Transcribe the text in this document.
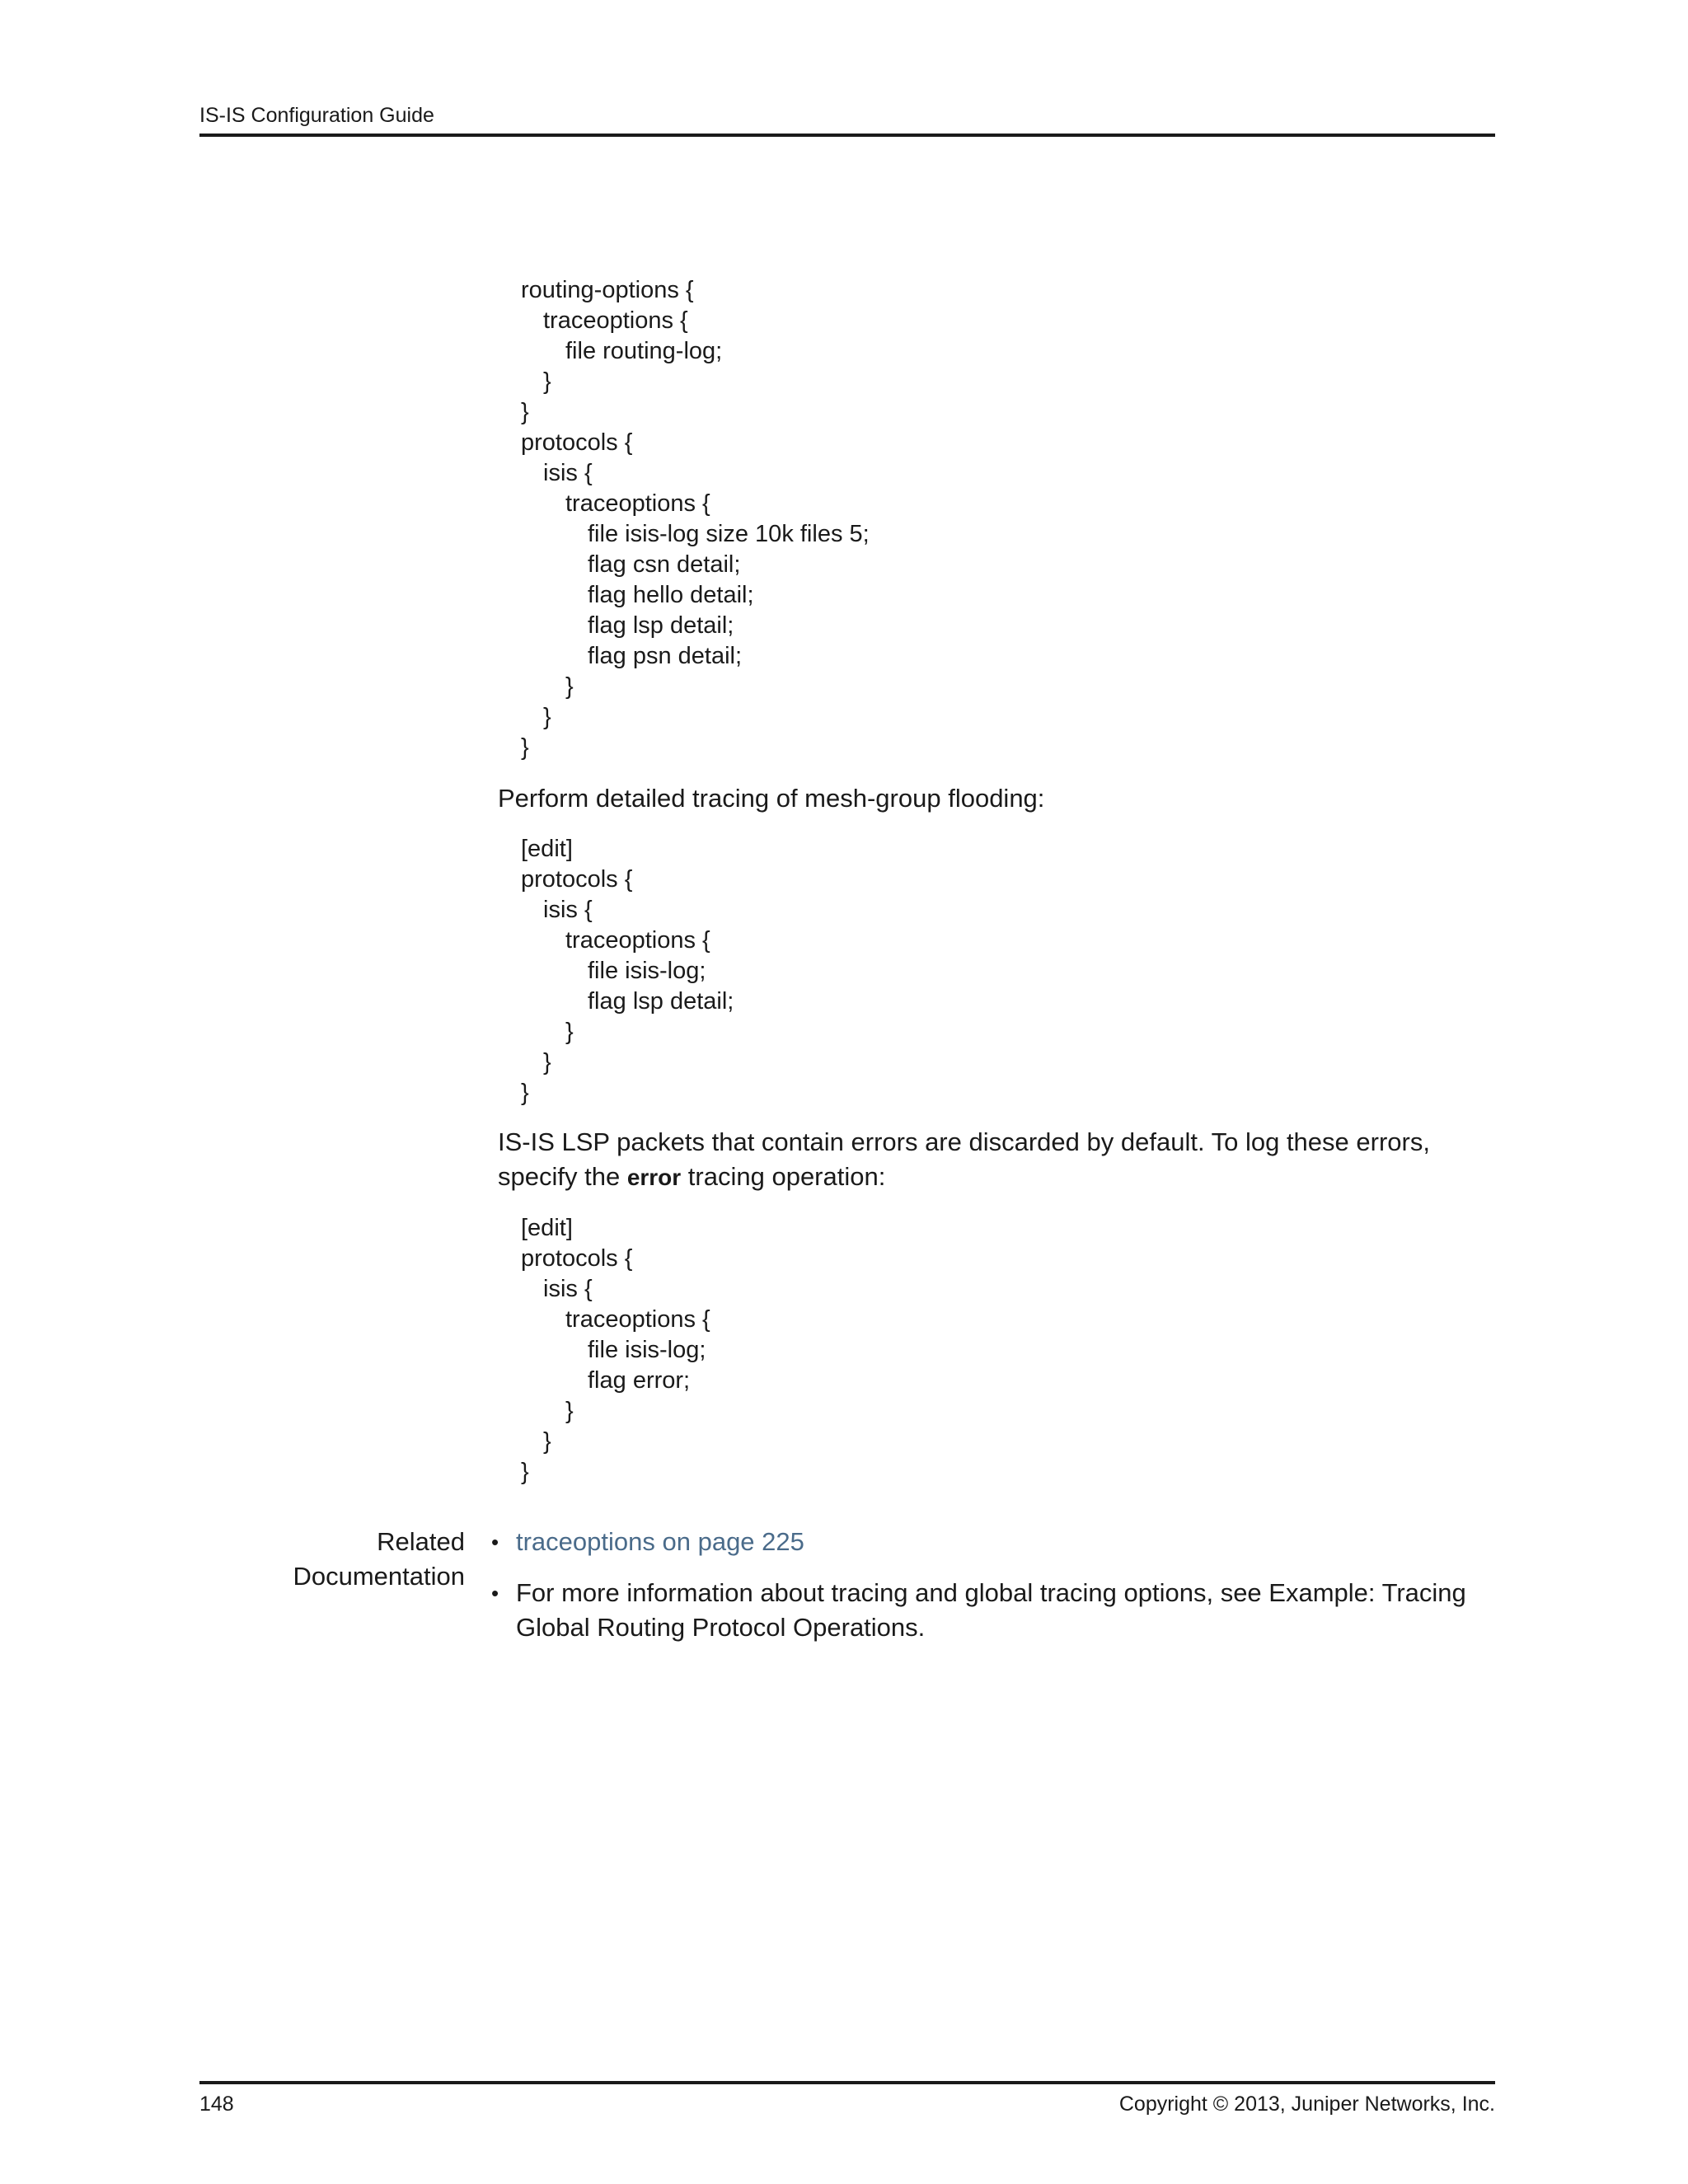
IS-IS Configuration Guide
routing-options {
traceoptions {
file routing-log;
}
}
protocols {
isis {
traceoptions {
file isis-log size 10k files 5;
flag csn detail;
flag hello detail;
flag lsp detail;
flag psn detail;
}
}
}

Perform detailed tracing of mesh-group flooding:

[edit]
protocols {
isis {
traceoptions {
file isis-log;
flag lsp detail;
}
}
}

IS-IS LSP packets that contain errors are discarded by default. To log these errors, specify the error tracing operation:

[edit]
protocols {
isis {
traceoptions {
file isis-log;
flag error;
}
}
}
Related
Documentation
• traceoptions on page 225
• For more information about tracing and global tracing options, see Example: Tracing Global Routing Protocol Operations.
148	Copyright © 2013, Juniper Networks, Inc.
